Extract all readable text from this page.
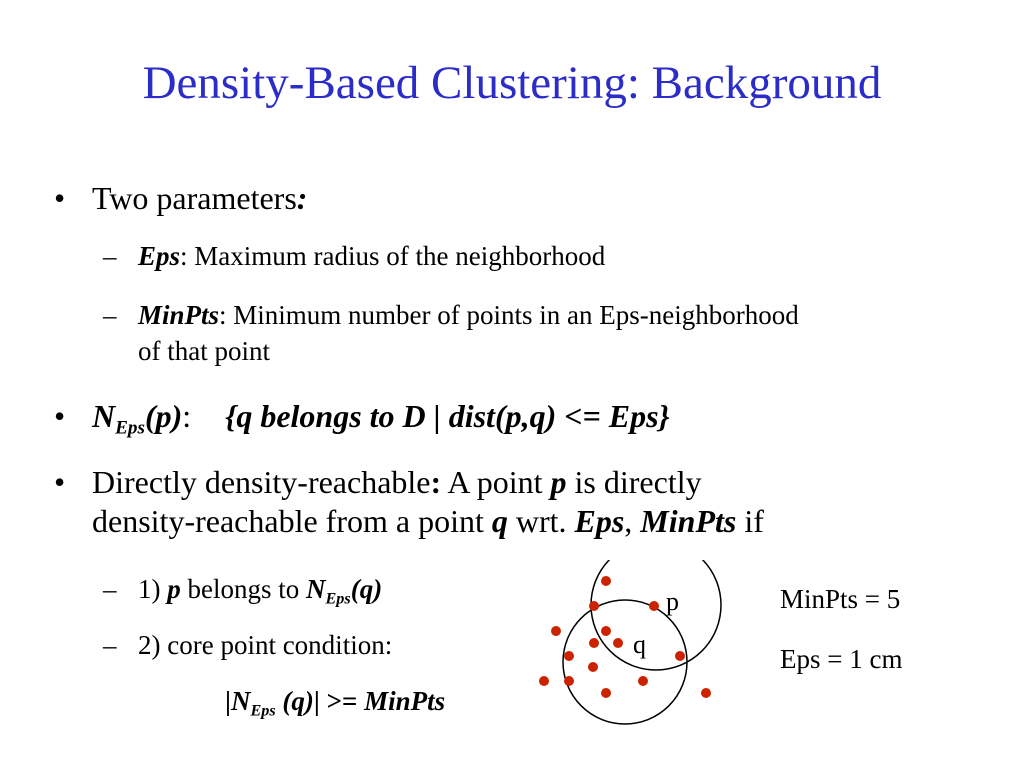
Density-Based Clustering: Background
• Two parameters:
– Eps: Maximum radius of the neighborhood
– MinPts: Minimum number of points in an Eps-neighborhood
of that point
• $N_{Eps}(p)$: {q belongs to D | dist(p,q) <= Eps}
• Directly density-reachable: A point p is directly
density-reachable from a point q wrt. Eps, MinPts if
– 1) p belongs to $N_{Eps}(q)$
– 2) core point condition:
$|N_{Eps}$ (q)| >= MinPts
p
q
MinPts = 5
Eps = 1 cm
